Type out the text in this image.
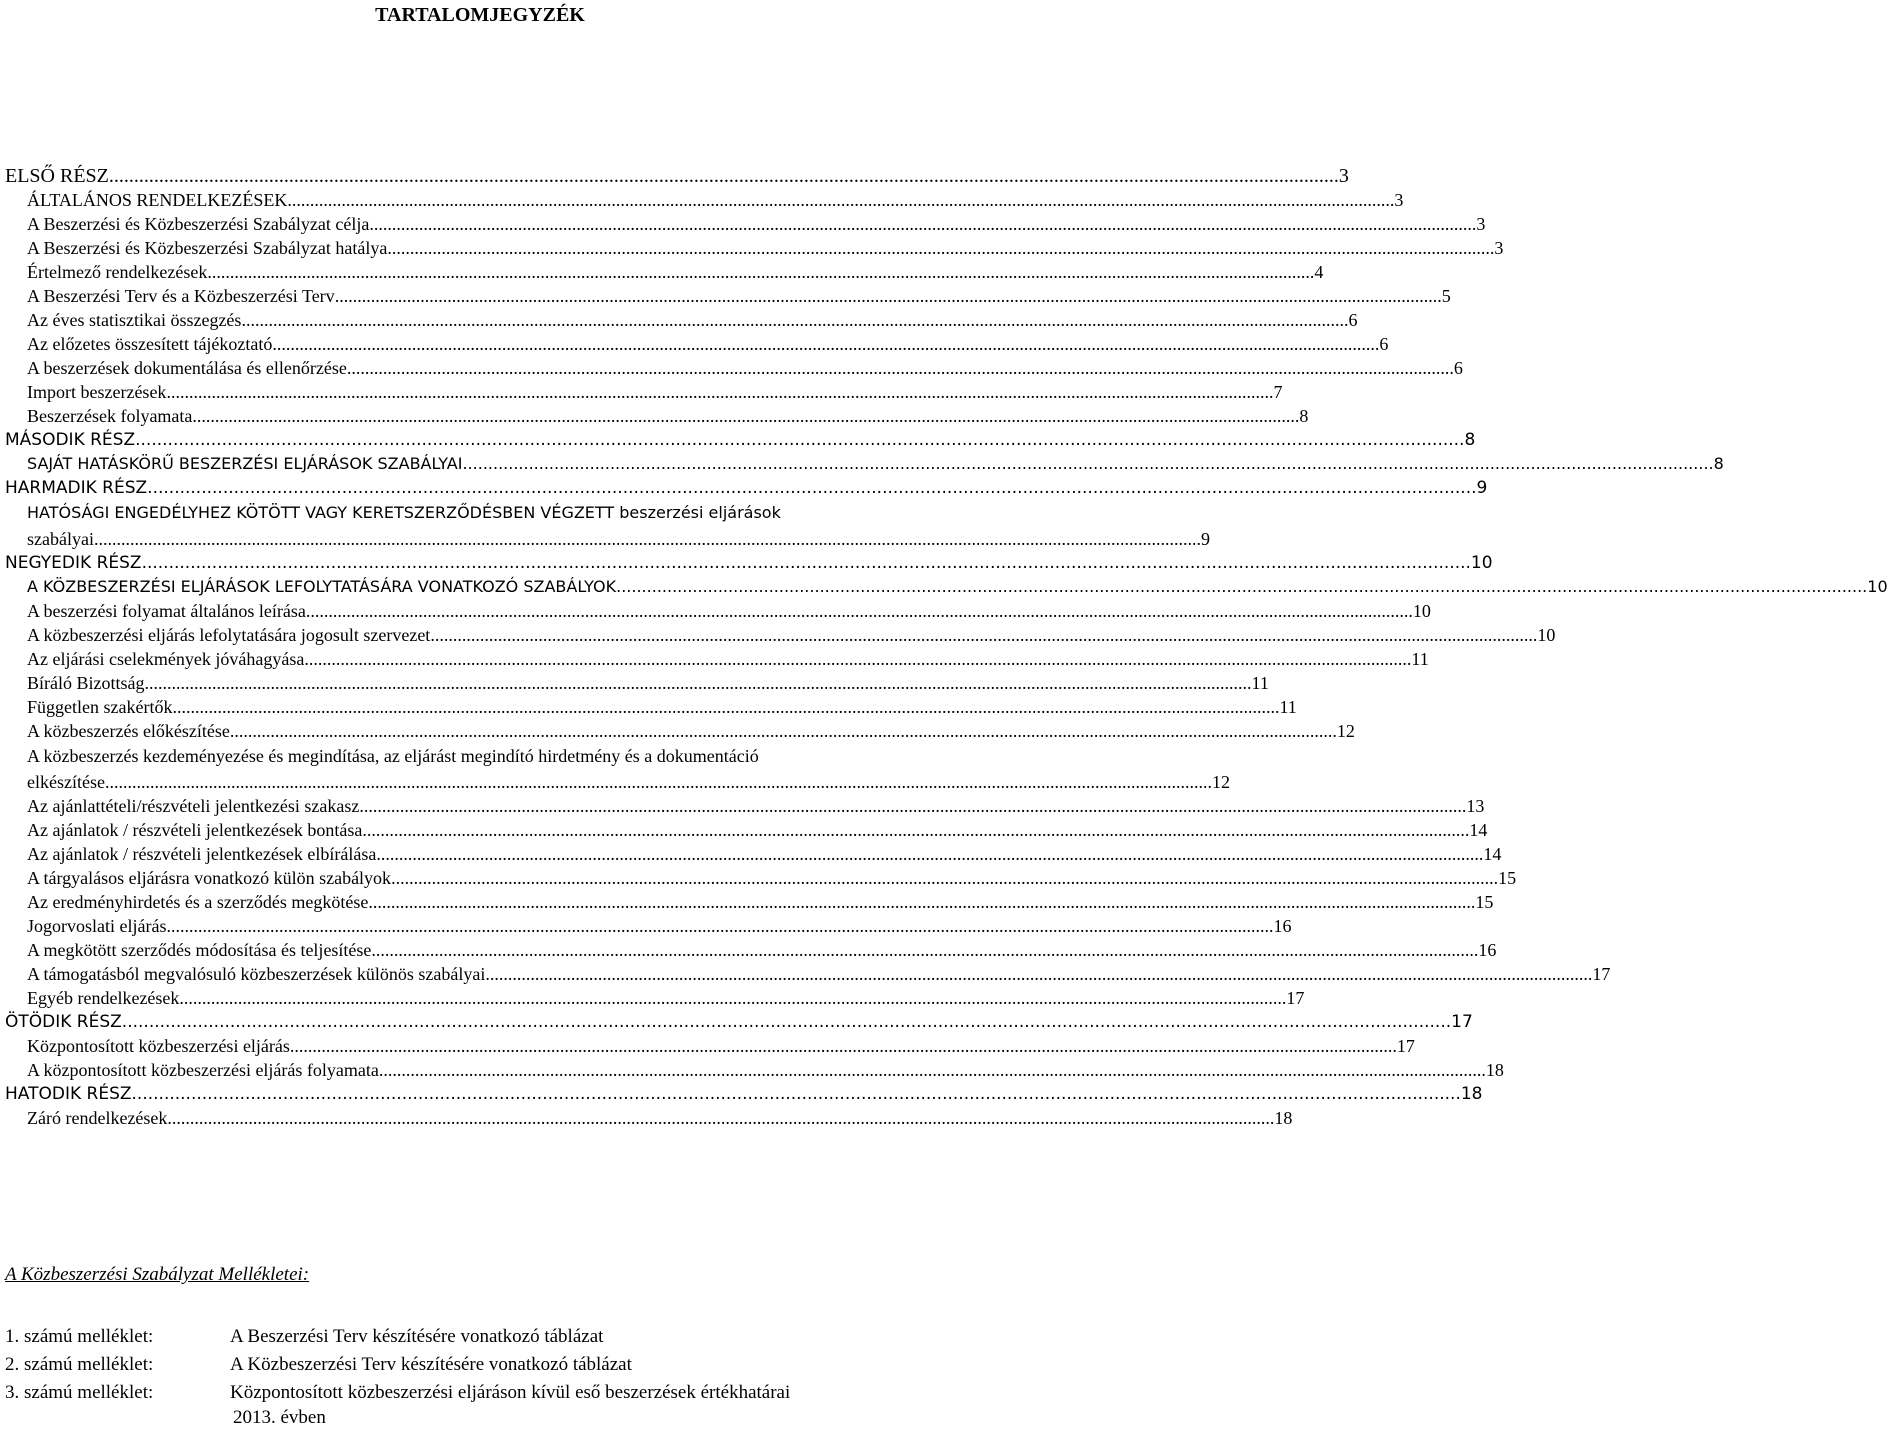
TARTALOMJEGYZÉK
ELSŐ RÉSZ .....	3
ÁLTALÁNOS RENDELKEZÉSEK .....	3
A Beszerzési és Közbeszerzési Szabályzat célja .....	3
A Beszerzési és Közbeszerzési Szabályzat hatálya .....	3
Értelmező rendelkezések .....	4
A Beszerzési Terv és a Közbeszerzési Terv .....	5
Az éves statisztikai összegzés .....	6
Az előzetes összesített tájékoztató .....	6
A beszerzések dokumentálása és ellenőrzése .....	6
Import beszerzések .....	7
Beszerzések folyamata .....	8
MÁSODIK RÉSZ .....	8
SAJÁT HATÁSKÖRŰ BESZERZÉSI ELJÁRÁSOK SZABÁLYAI .....	8
HARMADIK RÉSZ .....	9
HATÓSÁGI ENGEDÉLYHEZ KÖTÖTT VAGY KERETSZERZŐDÉSBEN VÉGZETT beszerzési eljárások
szabályai .....	9
NEGYEDIK RÉSZ .....	10
A KÖZBESZERZÉSI ELJÁRÁSOK LEFOLYTATÁSÁRA VONATKOZÓ SZABÁLYOK .....	10
A beszerzési folyamat általános leírása .....	10
A közbeszerzési eljárás lefolytatására jogosult szervezet .....	10
Az eljárási cselekmények jóváhagyása .....	11
Bíráló Bizottság .....	11
Független szakértők .....	11
A közbeszerzés előkészítése .....	12
A közbeszerzés kezdeményezése és megindítása, az eljárást megindító hirdetmény és a dokumentáció
elkészítése .....	12
Az ajánlattételi/részvételi jelentkezési szakasz .....	13
Az ajánlatok / részvételi jelentkezések bontása .....	14
Az ajánlatok / részvételi jelentkezések elbírálása .....	14
A tárgyalásos eljárásra vonatkozó külön szabályok .....	15
Az eredményhirdetés és a szerződés megkötése .....	15
Jogorvoslati eljárás .....	16
A megkötött szerződés módosítása és teljesítése .....	16
A támogatásból megvalósuló közbeszerzések különös szabályai .....	17
Egyéb rendelkezések .....	17
ÖTÖDIK RÉSZ .....	17
Központosított közbeszerzési eljárás .....	17
A központosított közbeszerzési eljárás folyamata .....	18
HATODIK RÉSZ .....	18
Záró rendelkezések .....	18
A Közbeszerzési Szabályzat Mellékletei:
1. számú melléklet:	A Beszerzési Terv készítésére vonatkozó táblázat
2. számú melléklet:	A Közbeszerzési Terv készítésére vonatkozó táblázat
3. számú melléklet:	Központosított közbeszerzési eljáráson kívül eső beszerzések értékhatárai
2013. évben
